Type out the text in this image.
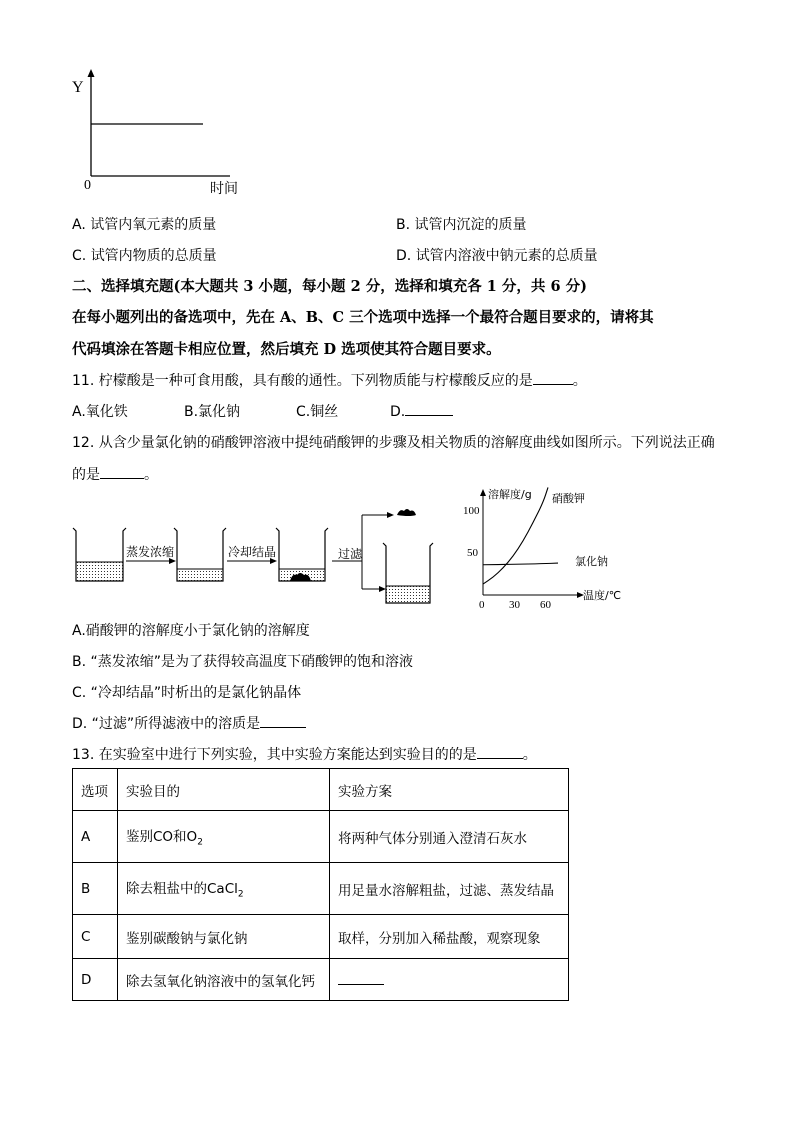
Y
0	时间
A. 试管内氧元素的质量	B. 试管内沉淀的质量
C. 试管内物质的总质量	D. 试管内溶液中钠元素的总质量
二、选择填充题(本大题共 3 小题，每小题 2 分，选择和填充各 1 分，共 6 分)
在每小题列出的备选项中，先在 A、B、C 三个选项中选择一个最符合题目要求的，请将其
代码填涂在答题卡相应位置，然后填充 D 选项使其符合题目要求。
11. 柠檬酸是一种可食用酸，具有酸的通性。下列物质能与柠檬酸反应的是	。
A.氧化铁	B.氯化钠	C.铜丝	D.
12. 从含少量氯化钠的硝酸钾溶液中提纯硝酸钾的步骤及相关物质的溶解度曲线如图所示。下列说法正确
的是	。
蒸发浓缩	冷却结晶	过滤
溶解度/g
温度/℃
100
50
0 30 60
硝酸钾
氯化钠
A.硝酸钾的溶解度小于氯化钠的溶解度
B. “蒸发浓缩”是为了获得较高温度下硝酸钾的饱和溶液
C. “冷却结晶”时析出的是氯化钠晶体
D. “过滤”所得滤液中的溶质是
13. 在实验室中进行下列实验，其中实验方案能达到实验目的的是	。
选项	实验目的	实验方案
A	鉴别CO和$O_2$	将两种气体分别通入澄清石灰水
B	除去粗盐中的CaCl$_2$	用足量水溶解粗盐，过滤、蒸发结晶
C	鉴别碳酸钠与氯化钠	取样，分别加入稀盐酸，观察现象
D	除去氢氧化钠溶液中的氢氧化钙	
